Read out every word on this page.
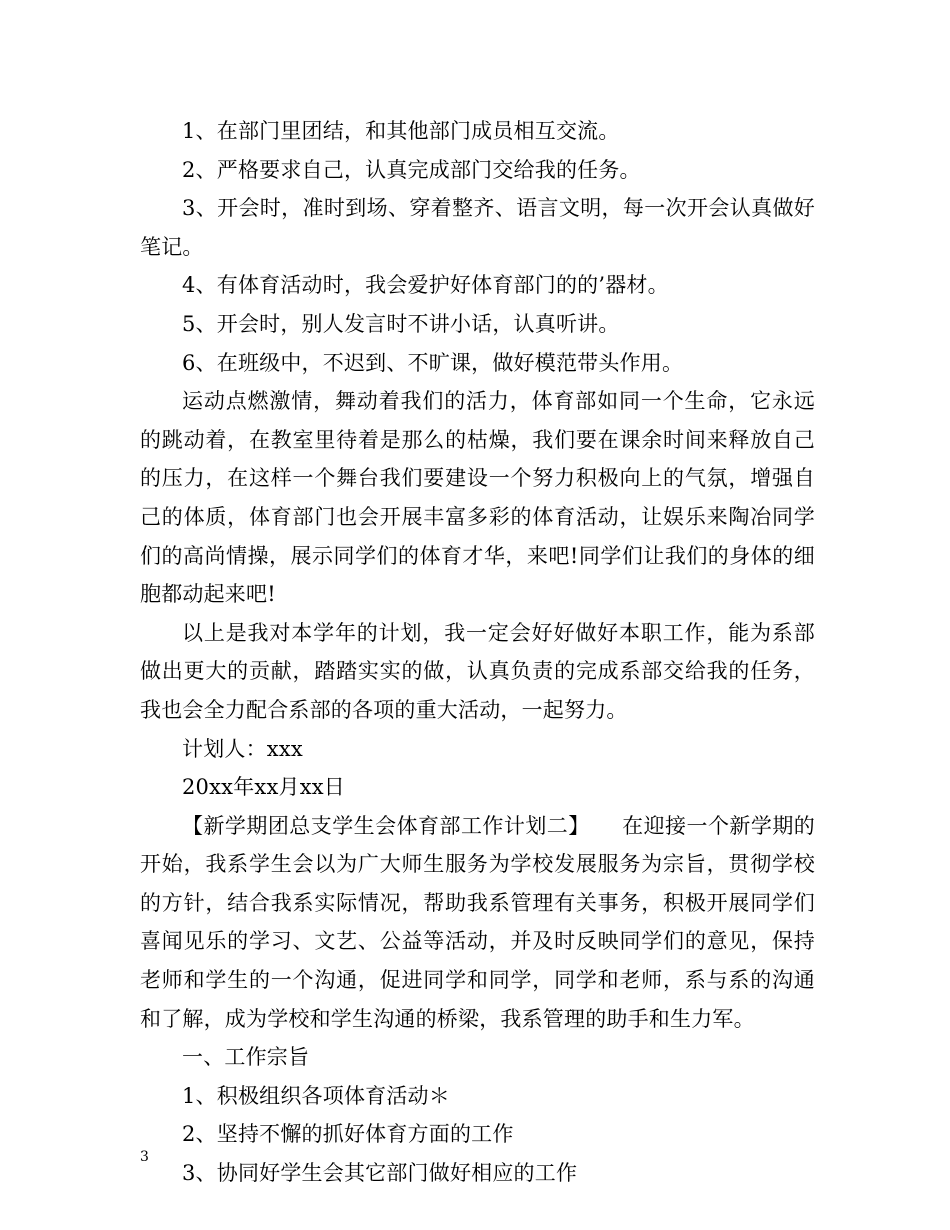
1、在部门里团结，和其他部门成员相互交流。

2、严格要求自己，认真完成部门交给我的任务。

3、开会时，准时到场、穿着整齐、语言文明，每一次开会认真做好笔记。

4、有体育活动时，我会爱护好体育部门的的’器材。

5、开会时，别人发言时不讲小话，认真听讲。

6、在班级中，不迟到、不旷课，做好模范带头作用。

运动点燃激情，舞动着我们的活力，体育部如同一个生命，它永远的跳动着，在教室里待着是那么的枯燥，我们要在课余时间来释放自己的压力，在这样一个舞台我们要建设一个努力积极向上的气氛，增强自己的体质，体育部门也会开展丰富多彩的体育活动，让娱乐来陶冶同学们的高尚情操，展示同学们的体育才华，来吧!同学们让我们的身体的细胞都动起来吧!

以上是我对本学年的计划，我一定会好好做好本职工作，能为系部做出更大的贡献，踏踏实实的做，认真负责的完成系部交给我的任务，我也会全力配合系部的各项的重大活动，一起努力。

计划人：xxx

20xx年xx月xx日

【新学期团总支学生会体育部工作计划二】　　在迎接一个新学期的开始，我系学生会以为广大师生服务为学校发展服务为宗旨，贯彻学校的方针，结合我系实际情况，帮助我系管理有关事务，积极开展同学们喜闻见乐的学习、文艺、公益等活动，并及时反映同学们的意见，保持老师和学生的一个沟通，促进同学和同学，同学和老师，系与系的沟通和了解，成为学校和学生沟通的桥梁，我系管理的助手和生力军。

一、工作宗旨

1、积极组织各项体育活动＊

2、坚持不懈的抓好体育方面的工作

3、协同好学生会其它部门做好相应的工作

3
